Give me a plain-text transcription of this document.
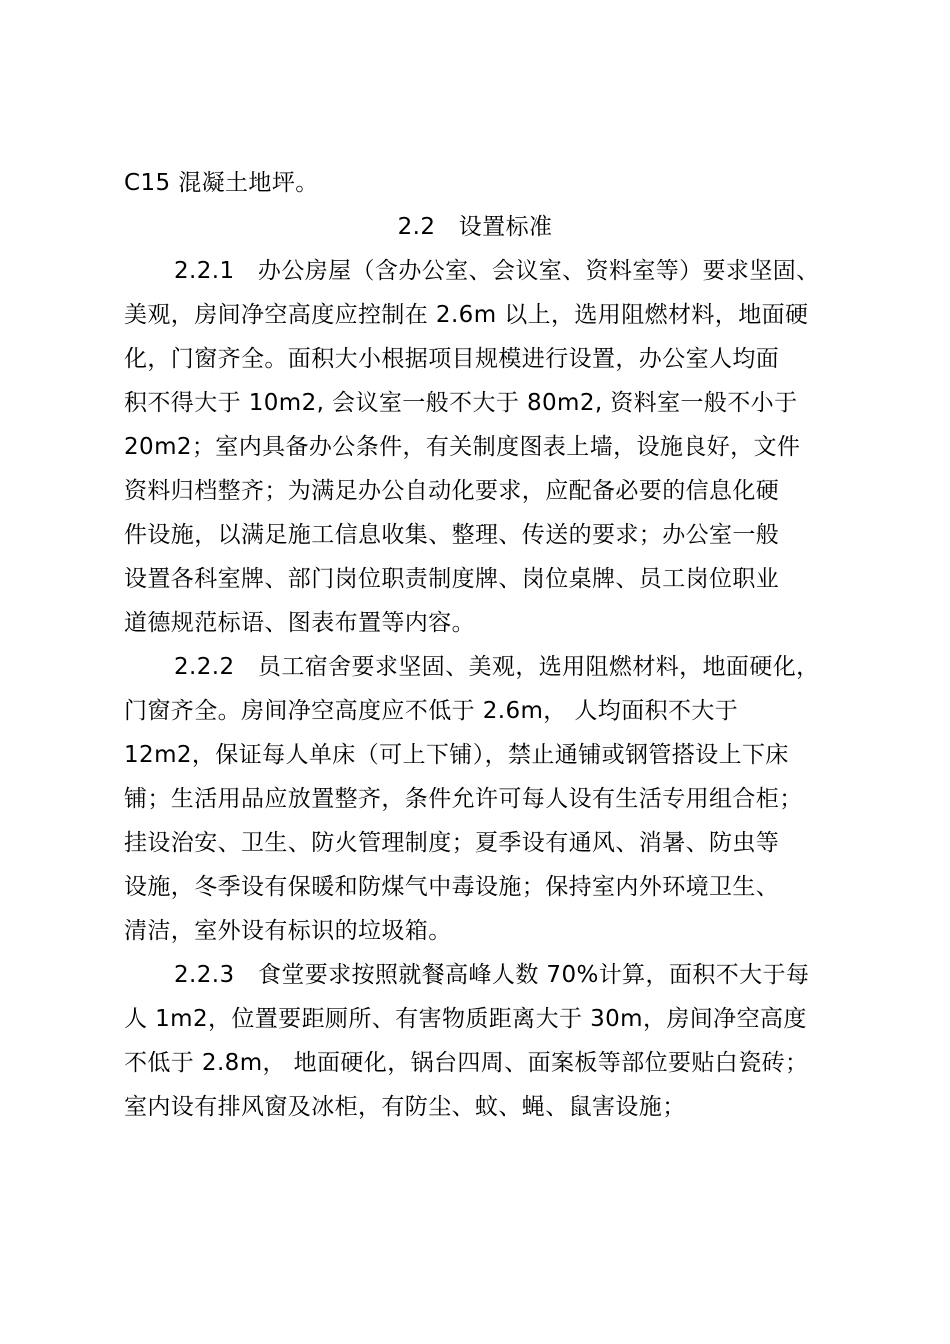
C15 混凝土地坪。
2.2　设置标准
2.2.1　办公房屋（含办公室、会议室、资料室等）要求坚固、
美观，房间净空高度应控制在 2.6m 以上，选用阻燃材料，地面硬
化，门窗齐全。面积大小根据项目规模进行设置，办公室人均面
积不得大于 10m2, 会议室一般不大于 80m2, 资料室一般不小于
20m2；室内具备办公条件，有关制度图表上墙，设施良好，文件
资料归档整齐；为满足办公自动化要求，应配备必要的信息化硬
件设施，以满足施工信息收集、整理、传送的要求；办公室一般
设置各科室牌、部门岗位职责制度牌、岗位桌牌、员工岗位职业
道德规范标语、图表布置等内容。
2.2.2　员工宿舍要求坚固、美观，选用阻燃材料，地面硬化，
门窗齐全。房间净空高度应不低于 2.6m， 人均面积不大于
12m2，保证每人单床（可上下铺），禁止通铺或钢管搭设上下床
铺；生活用品应放置整齐，条件允许可每人设有生活专用组合柜；
挂设治安、卫生、防火管理制度；夏季设有通风、消暑、防虫等
设施，冬季设有保暖和防煤气中毒设施；保持室内外环境卫生、
清洁，室外设有标识的垃圾箱。
2.2.3　食堂要求按照就餐高峰人数 70%计算，面积不大于每
人 1m2，位置要距厕所、有害物质距离大于 30m，房间净空高度
不低于 2.8m， 地面硬化，锅台四周、面案板等部位要贴白瓷砖；
室内设有排风窗及冰柜，有防尘、蚊、蝇、鼠害设施；
